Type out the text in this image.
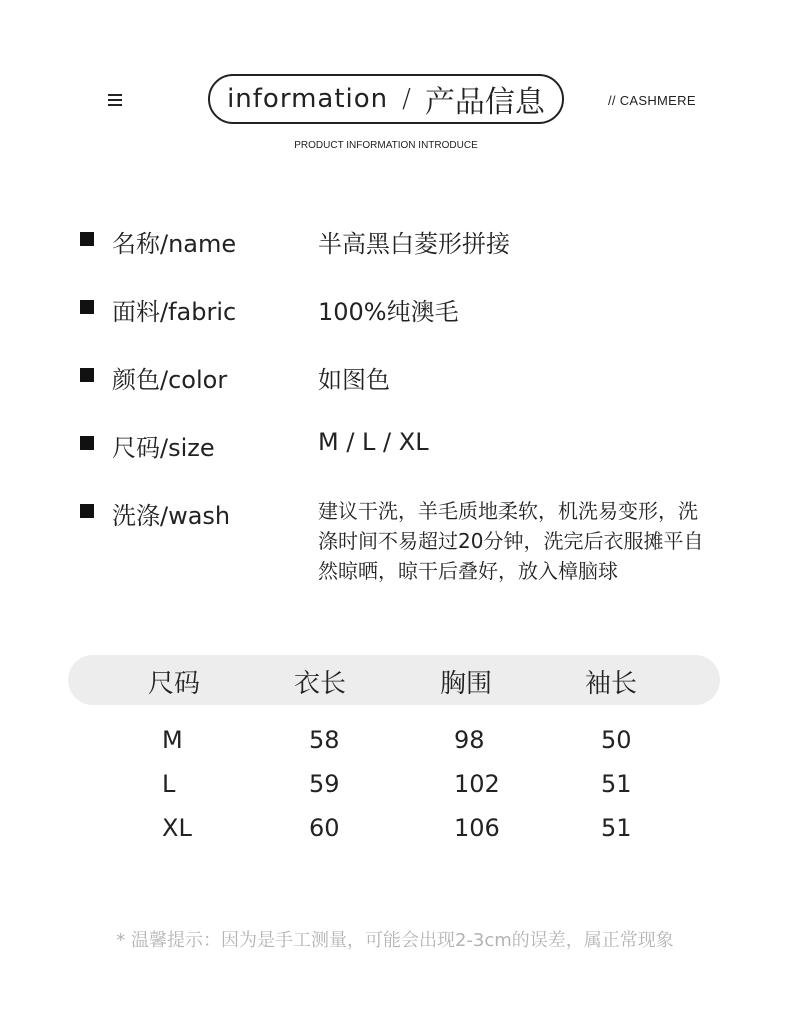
information / 产品信息	// CASHMERE
PRODUCT INFORMATION INTRODUCE
名称/name	半高黑白菱形拼接
面料/fabric	100%纯澳毛
颜色/color	如图色
尺码/size	M / L / XL
洗涤/wash	建议干洗，羊毛质地柔软，机洗易变形，洗
涤时间不易超过20分钟，洗完后衣服摊平自
然晾晒，晾干后叠好，放入樟脑球
尺码	衣长	胸围	袖长
M	58	98	50
L	59	102	51
XL	60	106	51
* 温馨提示：因为是手工测量，可能会出现2-3cm的误差，属正常现象
